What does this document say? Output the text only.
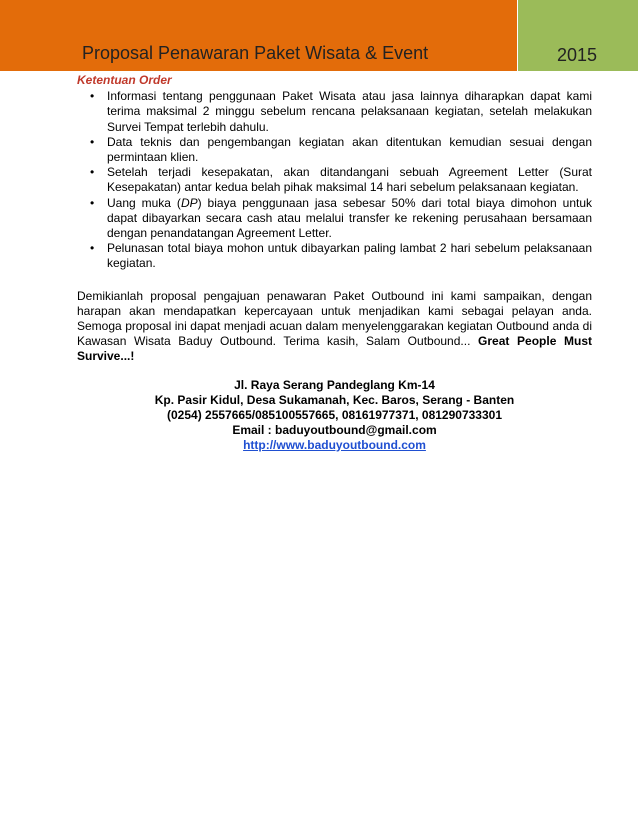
Proposal Penawaran Paket Wisata & Event	2015
Ketentuan Order
• Informasi tentang penggunaan Paket Wisata atau jasa lainnya diharapkan dapat kami terima maksimal 2 minggu sebelum rencana pelaksanaan kegiatan, setelah melakukan Survei Tempat terlebih dahulu.
• Data teknis dan pengembangan kegiatan akan ditentukan kemudian sesuai dengan permintaan klien.
• Setelah terjadi kesepakatan, akan ditandangani sebuah Agreement Letter (Surat Kesepakatan) antar kedua belah pihak maksimal 14 hari sebelum pelaksanaan kegiatan.
• Uang muka (DP) biaya penggunaan jasa sebesar 50% dari total biaya dimohon untuk dapat dibayarkan secara cash atau melalui transfer ke rekening perusahaan bersamaan dengan penandatangan Agreement Letter.
• Pelunasan total biaya mohon untuk dibayarkan paling lambat 2 hari sebelum pelaksanaan kegiatan.
Demikianlah proposal pengajuan penawaran Paket Outbound ini kami sampaikan, dengan harapan akan mendapatkan kepercayaan untuk menjadikan kami sebagai pelayan anda. Semoga proposal ini dapat menjadi acuan dalam menyelenggarakan kegiatan Outbound anda di Kawasan Wisata Baduy Outbound. Terima kasih, Salam Outbound... Great People Must Survive...!
Jl. Raya Serang Pandeglang Km-14
Kp. Pasir Kidul, Desa Sukamanah, Kec. Baros, Serang - Banten
(0254) 2557665/085100557665, 08161977371, 081290733301
Email : baduyoutbound@gmail.com
http://www.baduyoutbound.com
